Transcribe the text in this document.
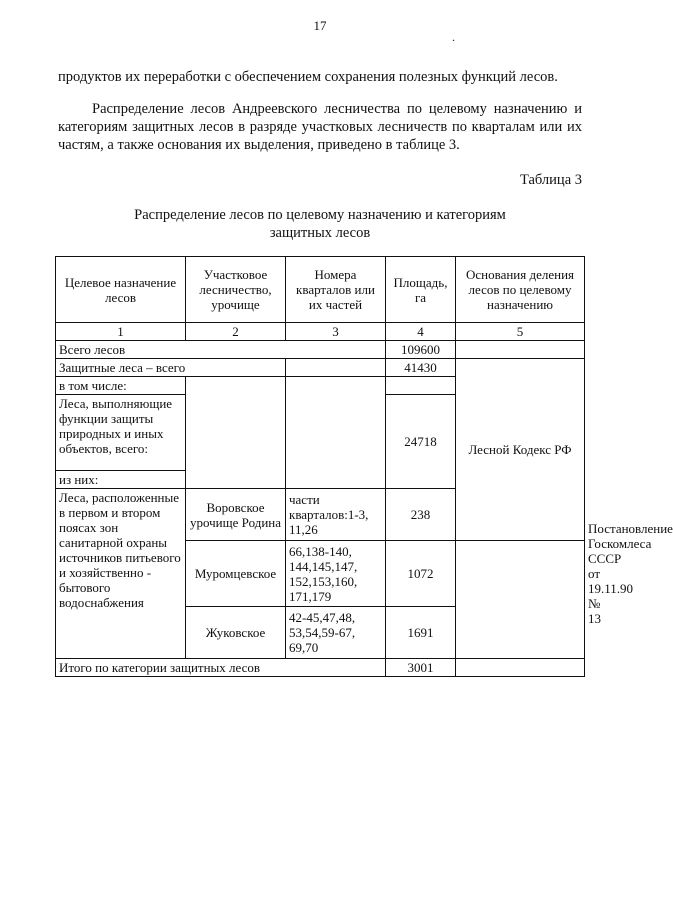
17
.
продуктов их переработки с обеспечением сохранения полезных функций лесов.
Распределение лесов Андреевского лесничества по целевому назначению и категориям защитных лесов в разряде участковых лесничеств по кварталам или их частям, а также основания их выделения, приведено в таблице 3.
Таблица 3
Распределение лесов по целевому назначению и категориям защитных лесов
Целевое назначение лесов	Участковое лесничество, урочище	Номера кварталов или их частей	Площадь, га	Основания деления лесов по целевому назначению	
1	2	3	4	5	
Всего лесов			109600		
Защитные леса – всего			41430	Лесной Кодекс РФ	
в том числе:					
Леса, выполняющие функции защиты природных и иных объектов, всего:			24718		
из них:					
Леса, расположенные в первом и втором поясах зон санитарной охраны источников питьевого и хозяйственно - бытового водоснабжения	Воровское урочище Родина	части кварталов:1-3, 11,26	238		Постановление Госкомлеса СССР от 19.11.90 № 13
	Муромцевское	66,138-140, 144,145,147, 152,153,160, 171,179	1072		
	Жуковское	42-45,47,48, 53,54,59-67, 69,70	1691		
Итого по категории защитных лесов			3001		
